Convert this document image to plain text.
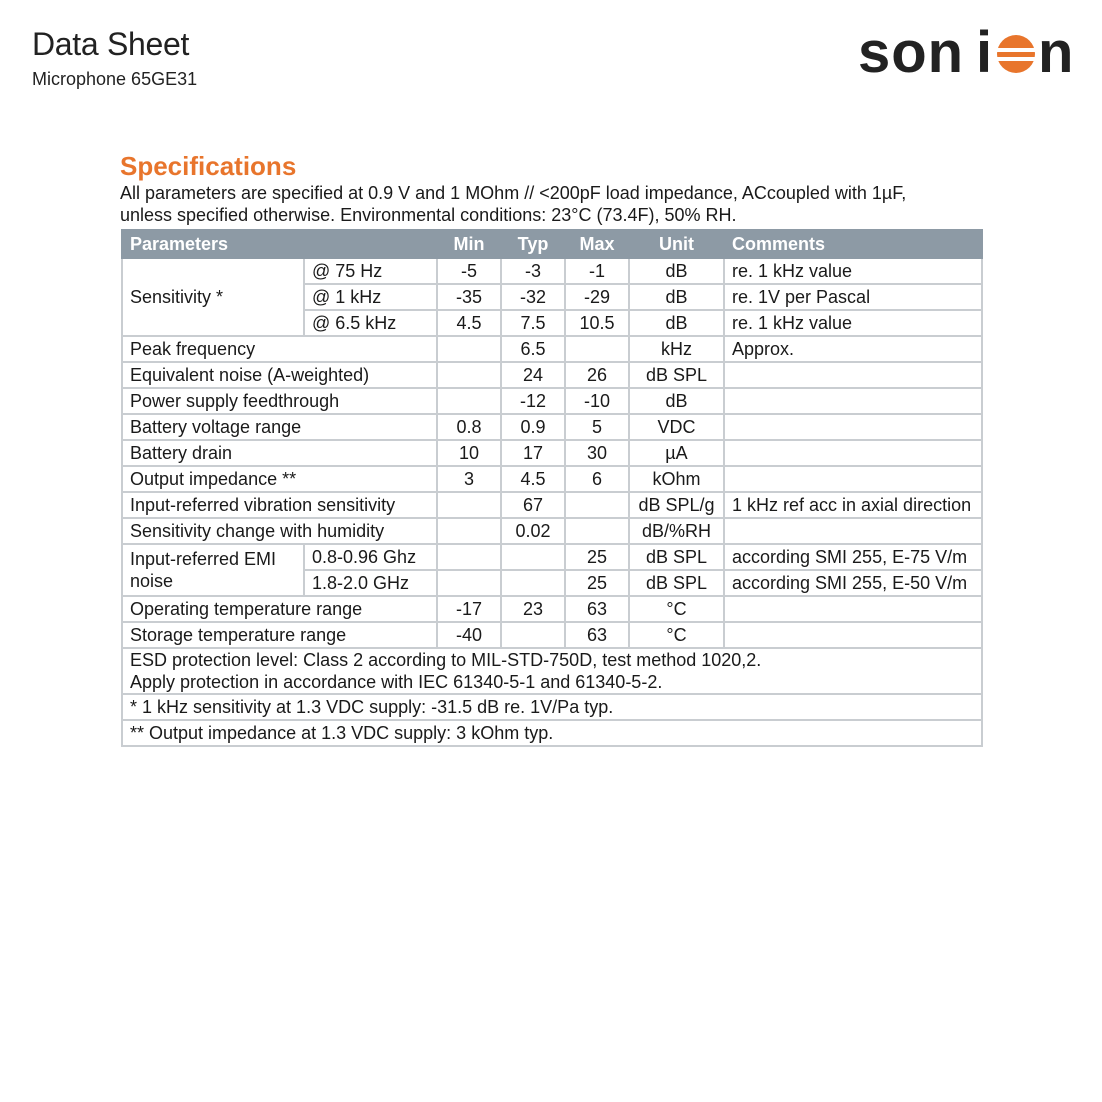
Data Sheet
Microphone 65GE31	son i n
Specifications
All parameters are specified at 0.9 V and 1 MOhm // <200pF load impedance, ACcoupled with 1µF,
unless specified otherwise. Environmental conditions: 23°C (73.4F), 50% RH.
Parameters		Min	Typ	Max	Unit	Comments
Sensitivity *	@ 75 Hz	-5	-3	-1	dB	re. 1 kHz value
	@ 1 kHz	-35	-32	-29	dB	re. 1V per Pascal
	@ 6.5 kHz	4.5	7.5	10.5	dB	re. 1 kHz value
Peak frequency			6.5		kHz	Approx.
Equivalent noise (A-weighted)			24	26	dB SPL	
Power supply feedthrough			-12	-10	dB	
Battery voltage range		0.8	0.9	5	VDC	
Battery drain		10	17	30	µA	
Output impedance **		3	4.5	6	kOhm	
Input-referred vibration sensitivity			67		dB SPL/g	1 kHz ref acc in axial direction
Sensitivity change with humidity			0.02		dB/%RH	

Input-referred EMI
noise	0.8-0.96 Ghz			25	dB SPL	according SMI 255, E-75 V/m
	1.8-2.0 GHz			25	dB SPL	according SMI 255, E-50 V/m
Operating temperature range		-17	23	63	°C	
Storage temperature range		-40		63	°C	

ESD protection level: Class 2 according to MIL-STD-750D, test method 1020,2.
Apply protection in accordance with IEC 61340-5-1 and 61340-5-2.						

* 1 kHz sensitivity at 1.3 VDC supply: -31.5 dB re. 1V/Pa typ.						
** Output impedance at 1.3 VDC supply: 3 kOhm typ.						
